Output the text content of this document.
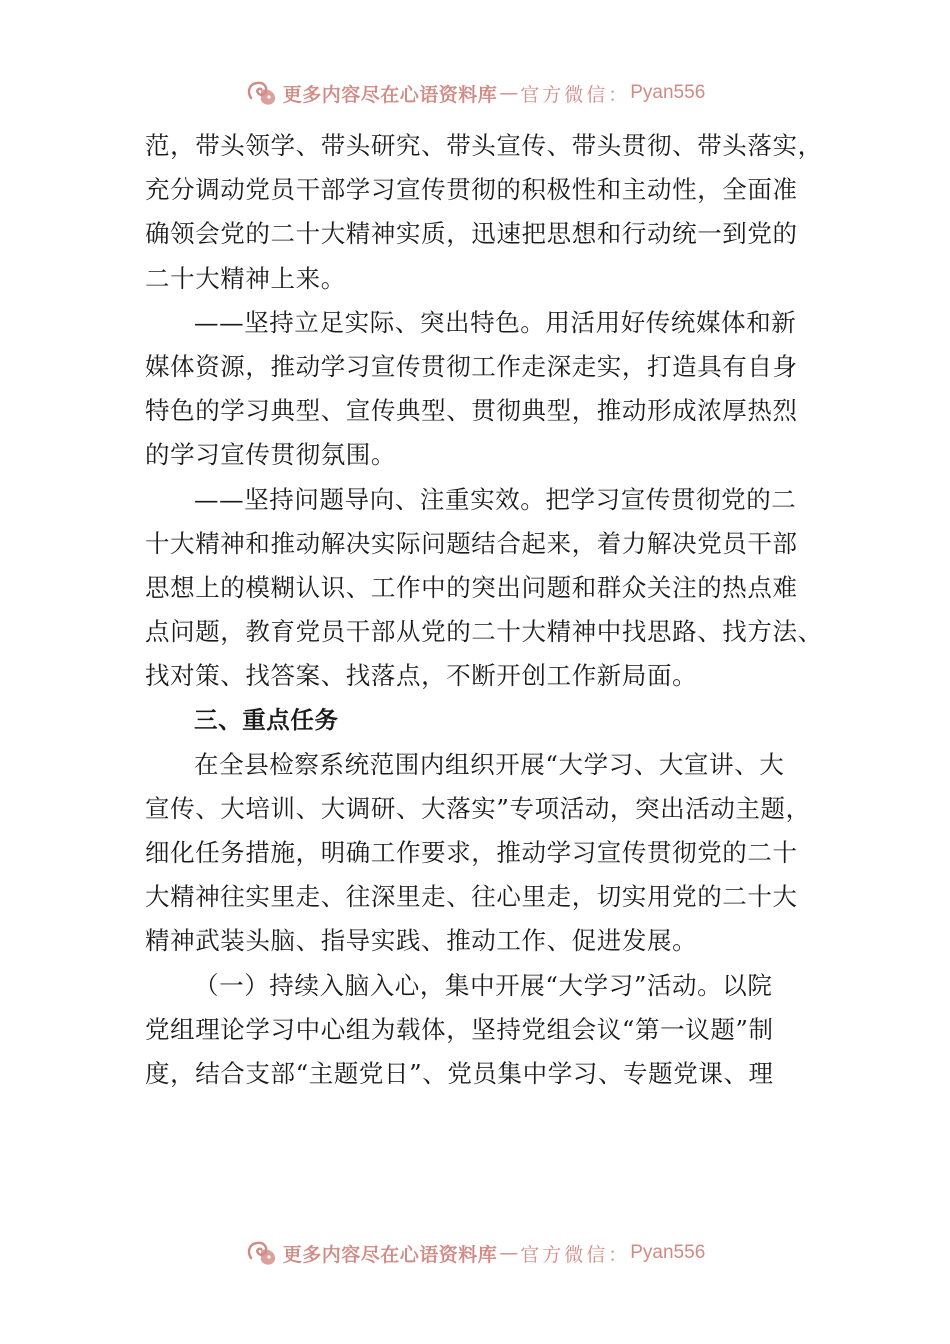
更多内容尽在心语资料库 — 官方微信： Pyan556
范，带头领学、带头研究、带头宣传、带头贯彻、带头落实，
充分调动党员干部学习宣传贯彻的积极性和主动性，全面准
确领会党的二十大精神实质，迅速把思想和行动统一到党的
二十大精神上来。
——坚持立足实际、突出特色。用活用好传统媒体和新
媒体资源，推动学习宣传贯彻工作走深走实，打造具有自身
特色的学习典型、宣传典型、贯彻典型，推动形成浓厚热烈
的学习宣传贯彻氛围。
——坚持问题导向、注重实效。把学习宣传贯彻党的二
十大精神和推动解决实际问题结合起来，着力解决党员干部
思想上的模糊认识、工作中的突出问题和群众关注的热点难
点问题，教育党员干部从党的二十大精神中找思路、找方法、
找对策、找答案、找落点，不断开创工作新局面。
三、重点任务
在全县检察系统范围内组织开展“大学习、大宣讲、大
宣传、大培训、大调研、大落实”专项活动，突出活动主题，
细化任务措施，明确工作要求，推动学习宣传贯彻党的二十
大精神往实里走、往深里走、往心里走，切实用党的二十大
精神武装头脑、指导实践、推动工作、促进发展。
（一）持续入脑入心，集中开展“大学习”活动。以院
党组理论学习中心组为载体，坚持党组会议“第一议题”制
度，结合支部“主题党日”、党员集中学习、专题党课、理
更多内容尽在心语资料库 — 官方微信： Pyan556
